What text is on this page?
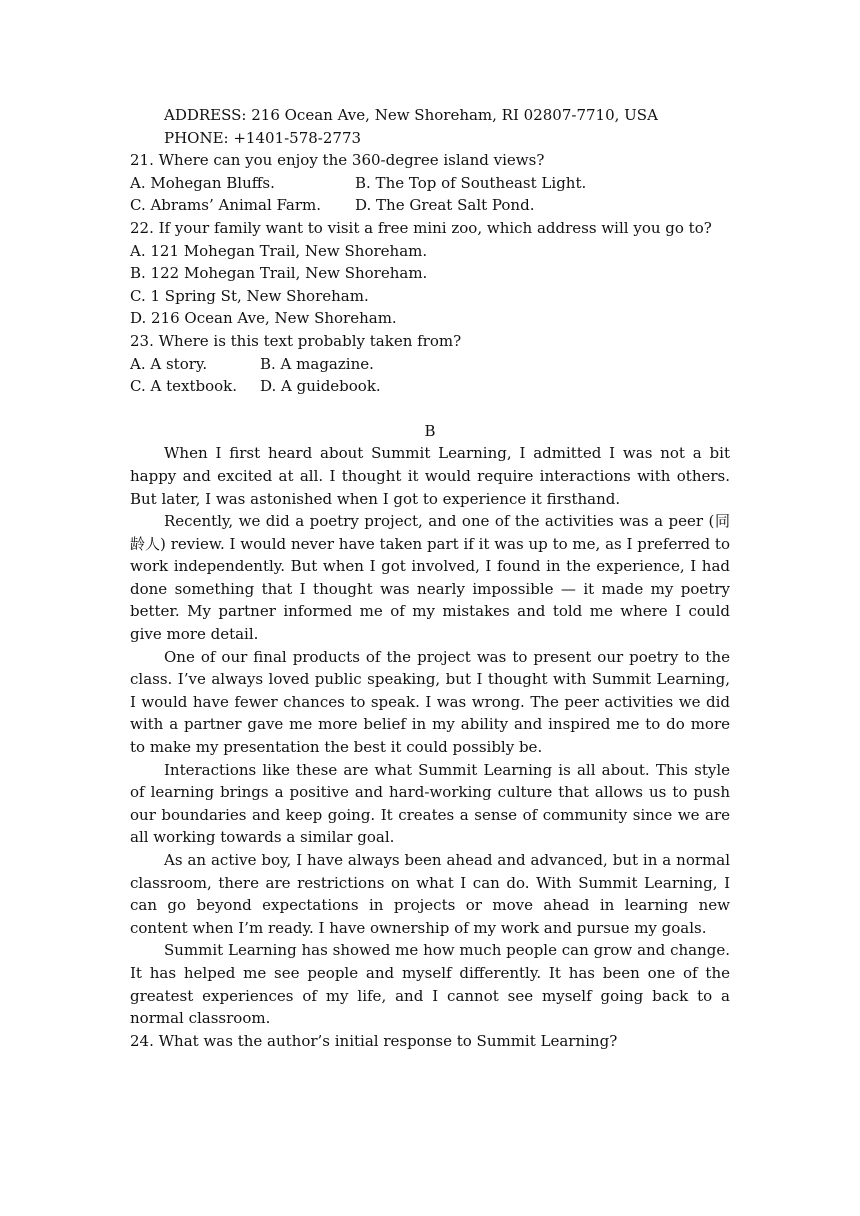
ADDRESS: 216 Ocean Ave, New Shoreham, RI 02807-7710, USA
PHONE: +1401-578-2773
21. Where can you enjoy the 360-degree island views?
A. Mohegan Bluffs.	B. The Top of Southeast Light.
C. Abrams’ Animal Farm.	D. The Great Salt Pond.

22. If your family want to visit a free mini zoo, which address will you go to?

A. 121 Mohegan Trail, New Shoreham.
B. 122 Mohegan Trail, New Shoreham.
C. 1 Spring St, New Shoreham.
D. 216 Ocean Ave, New Shoreham.
23. Where is this text probably taken from?
A. A story.	B. A magazine.
C. A textbook.	D. A guidebook.
B

When I first heard about Summit Learning, I admitted I was not a bit happy and excited at all. I thought it would require interactions with others. But later, I was astonished when I got to experience it firsthand.

Recently, we did a poetry project, and one of the activities was a peer (同龄人) review. I would never have taken part if it was up to me, as I preferred to work independently. But when I got involved, I found in the experience, I had done something that I thought was nearly impossible — it made my poetry better. My partner informed me of my mistakes and told me where I could give more detail.

One of our final products of the project was to present our poetry to the class. I’ve always loved public speaking, but I thought with Summit Learning, I would have fewer chances to speak. I was wrong. The peer activities we did with a partner gave me more belief in my ability and inspired me to do more to make my presentation the best it could possibly be.

Interactions like these are what Summit Learning is all about. This style of learning brings a positive and hard-working culture that allows us to push our boundaries and keep going. It creates a sense of community since we are all working towards a similar goal.

As an active boy, I have always been ahead and advanced, but in a normal classroom, there are restrictions on what I can do. With Summit Learning, I can go beyond expectations in projects or move ahead in learning new content when I’m ready. I have ownership of my work and pursue my goals.

Summit Learning has showed me how much people can grow and change. It has helped me see people and myself differently. It has been one of the greatest experiences of my life, and I cannot see myself going back to a normal classroom.

24. What was the author’s initial response to Summit Learning?
